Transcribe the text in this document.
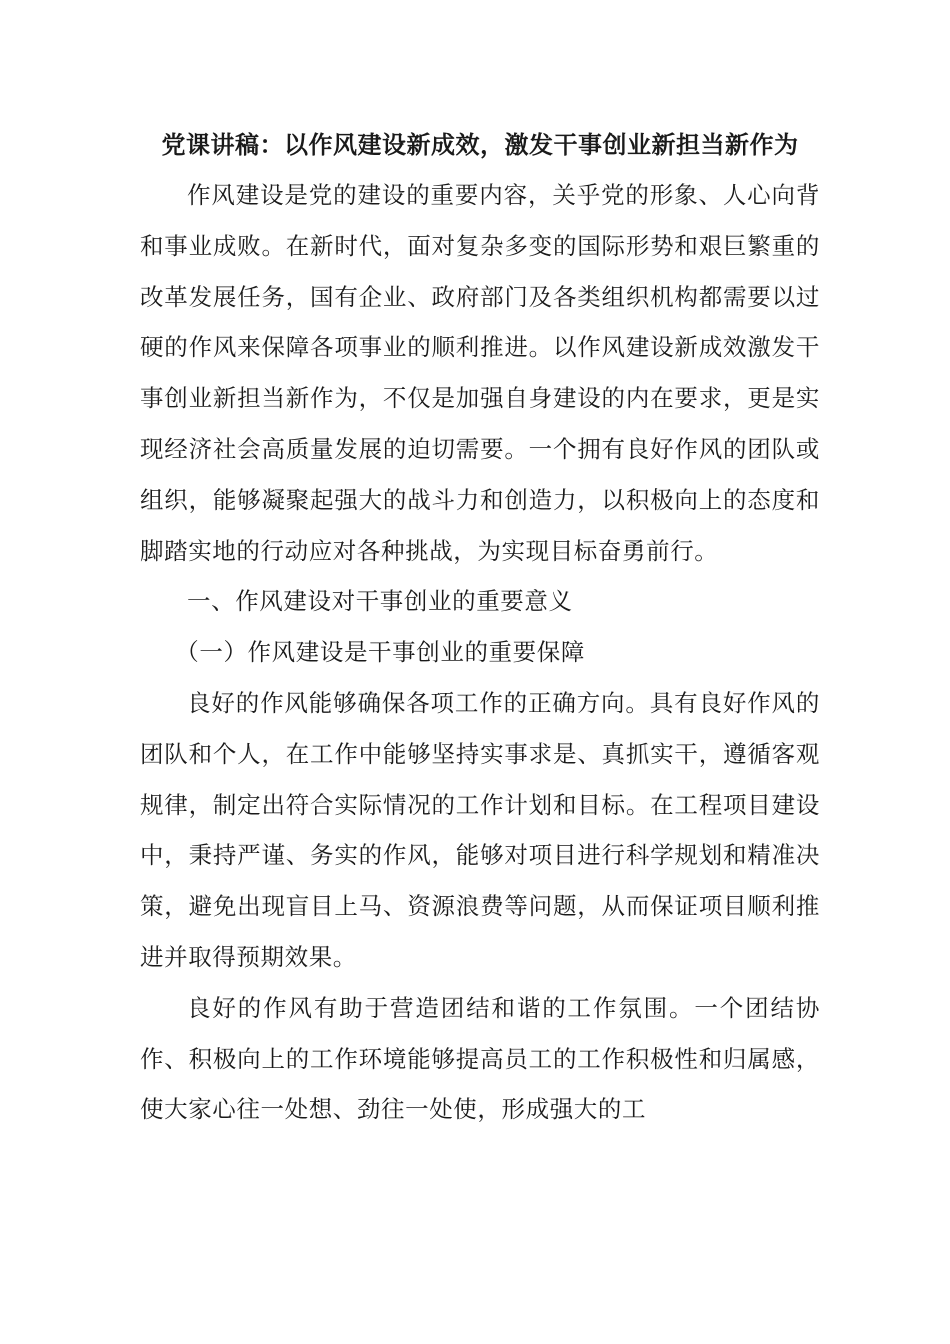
党课讲稿：以作风建设新成效，激发干事创业新担当新作为

作风建设是党的建设的重要内容，关乎党的形象、人心向背和事业成败。在新时代，面对复杂多变的国际形势和艰巨繁重的改革发展任务，国有企业、政府部门及各类组织机构都需要以过硬的作风来保障各项事业的顺利推进。以作风建设新成效激发干事创业新担当新作为，不仅是加强自身建设的内在要求，更是实现经济社会高质量发展的迫切需要。一个拥有良好作风的团队或组织，能够凝聚起强大的战斗力和创造力，以积极向上的态度和脚踏实地的行动应对各种挑战，为实现目标奋勇前行。

一、作风建设对干事创业的重要意义

（一）作风建设是干事创业的重要保障

良好的作风能够确保各项工作的正确方向。具有良好作风的团队和个人，在工作中能够坚持实事求是、真抓实干，遵循客观规律，制定出符合实际情况的工作计划和目标。在工程项目建设中，秉持严谨、务实的作风，能够对项目进行科学规划和精准决策，避免出现盲目上马、资源浪费等问题，从而保证项目顺利推进并取得预期效果。

良好的作风有助于营造团结和谐的工作氛围。一个团结协作、积极向上的工作环境能够提高员工的工作积极性和归属感，使大家心往一处想、劲往一处使，形成强大的工
